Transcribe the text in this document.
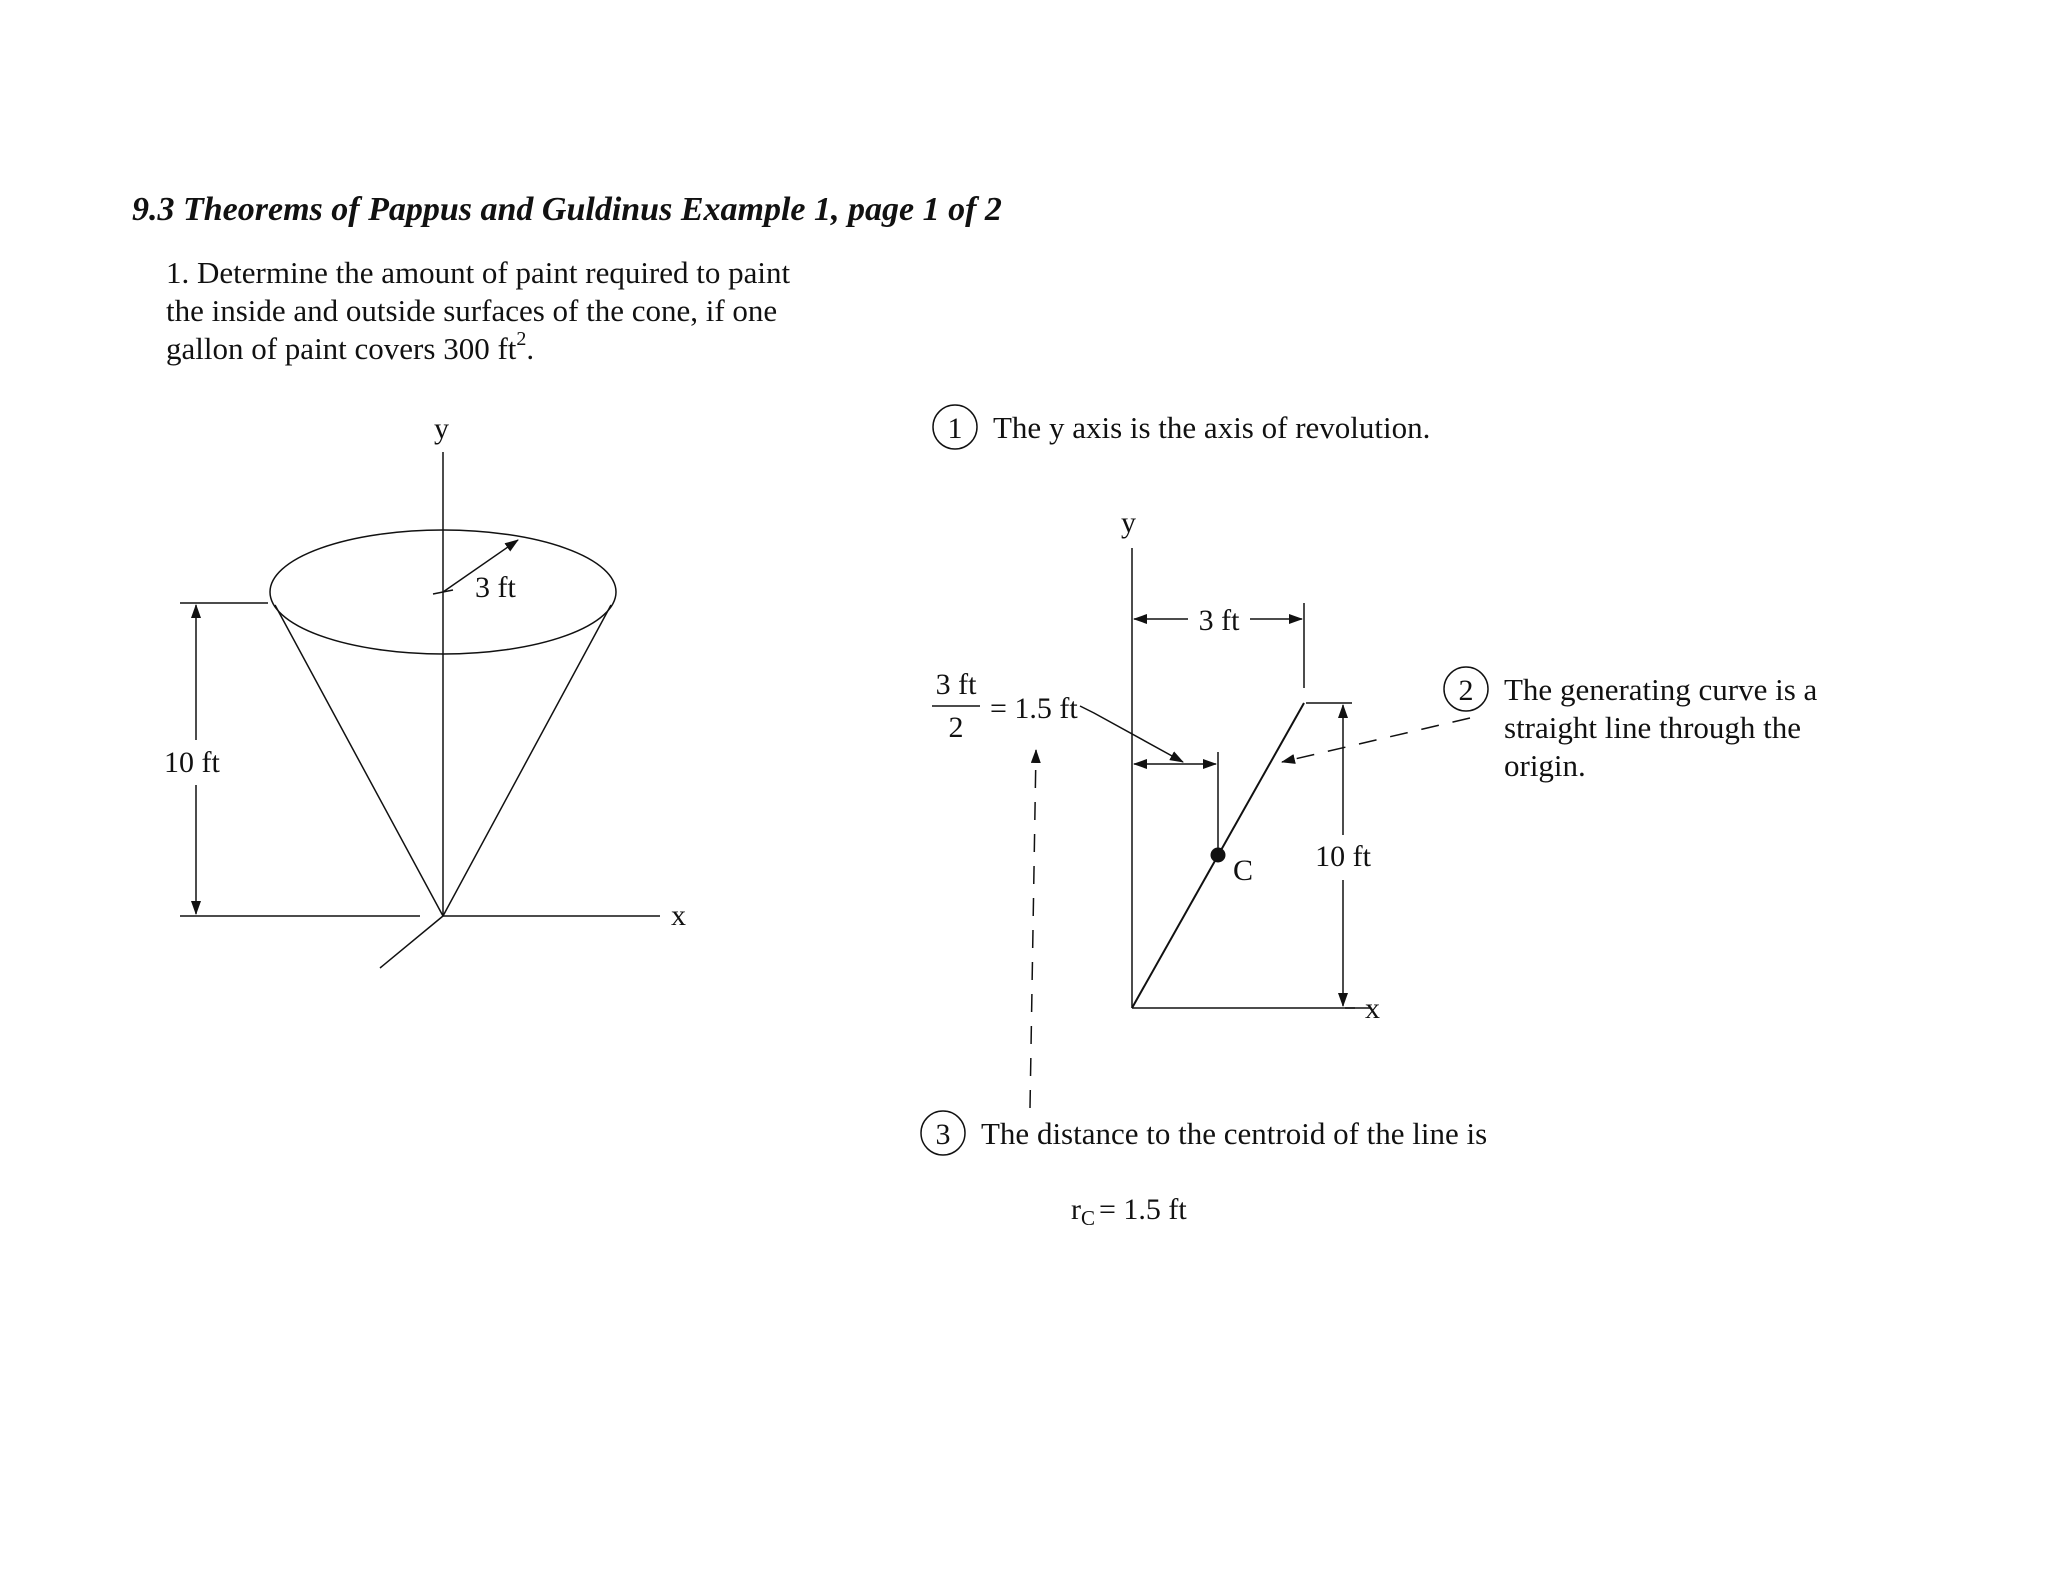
9.3 Theorems of Pappus and Guldinus Example 1, page 1 of 2
1. Determine the amount of paint required to paint
the inside and outside surfaces of the cone, if one
gallon of paint covers 300 $ft^2$.
y
x
3 ft
10 ft
1 The y axis is the axis of revolution.
y
x
C
3 ft
10 ft
3 ft
2
= 1.5 ft
2 The generating curve is a
straight line through the
origin.
3 The distance to the centroid of the line is
$r_C = 1.5$ ft
